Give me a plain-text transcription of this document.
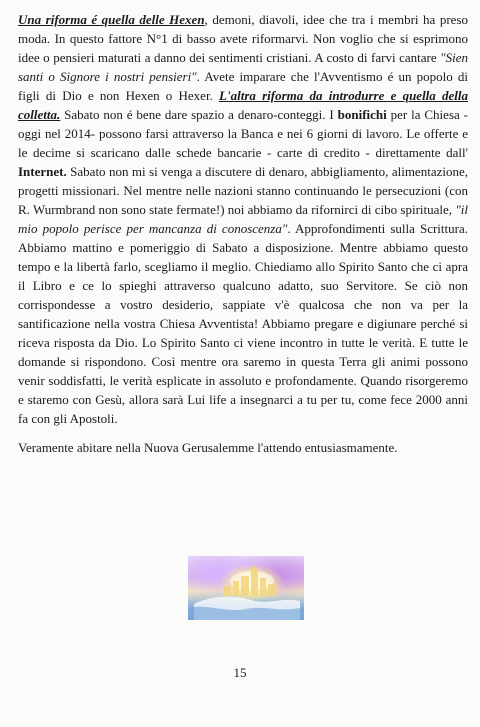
Una riforma é quella delle Hexen, demoni, diavoli, idee che tra i membri ha preso moda. In questo fattore N°1 di basso avete riformarvi. Non voglio che si esprimono idee o pensieri maturati a danno dei sentimenti cristiani. A costo di farvi cantare "Sien santi o Signore i nostri pensieri". Avete imparare che l'Avventismo é un popolo di figli di Dio e non Hexen o Hexer. L'altra riforma da introdurre e quella della colletta. Sabato non é bene dare spazio a denaro-conteggi. I bonifichi per la Chiesa -oggi nel 2014- possono farsi attraverso la Banca e nei 6 giorni di lavoro. Le offerte e le decime si scaricano dalle schede bancarie - carte di credito - direttamente dall' Internet. Sabato non mi si venga a discutere di denaro, abbigliamento, alimentazione, progetti missionari. Nel mentre nelle nazioni stanno continuando le persecuzioni (con R. Wurmbrand non sono state fermate!) noi abbiamo da rifornirci di cibo spirituale, "il mio popolo perisce per mancanza di conoscenza". Approfondimenti sulla Scrittura. Abbiamo mattino e pomeriggio di Sabato a disposizione. Mentre abbiamo questo tempo e la libertà farlo, scegliamo il meglio. Chiediamo allo Spirito Santo che ci apra il Libro e ce lo spieghi attraverso qualcuno adatto, suo Servitore. Se ciò non corrispondesse a vostro desiderio, sappiate v'è qualcosa che non va per la santificazione nella vostra Chiesa Avventista! Abbiamo pregare e digiunare perché si riceva risposta da Dio. Lo Spirito Santo ci viene incontro in tutte le verità. E tutte le domande si rispondono. Così mentre ora saremo in questa Terra gli animi possono venir soddisfatti, le verità esplicate in assoluto e profondamente. Quando risorgeremo e staremo con Gesù, allora sarà Lui life a insegnarci a tu per tu, come fece 2000 anni fa con gli Apostoli.

Veramente abitare nella Nuova Gerusalemme l'attendo entusiasmamente.

15
